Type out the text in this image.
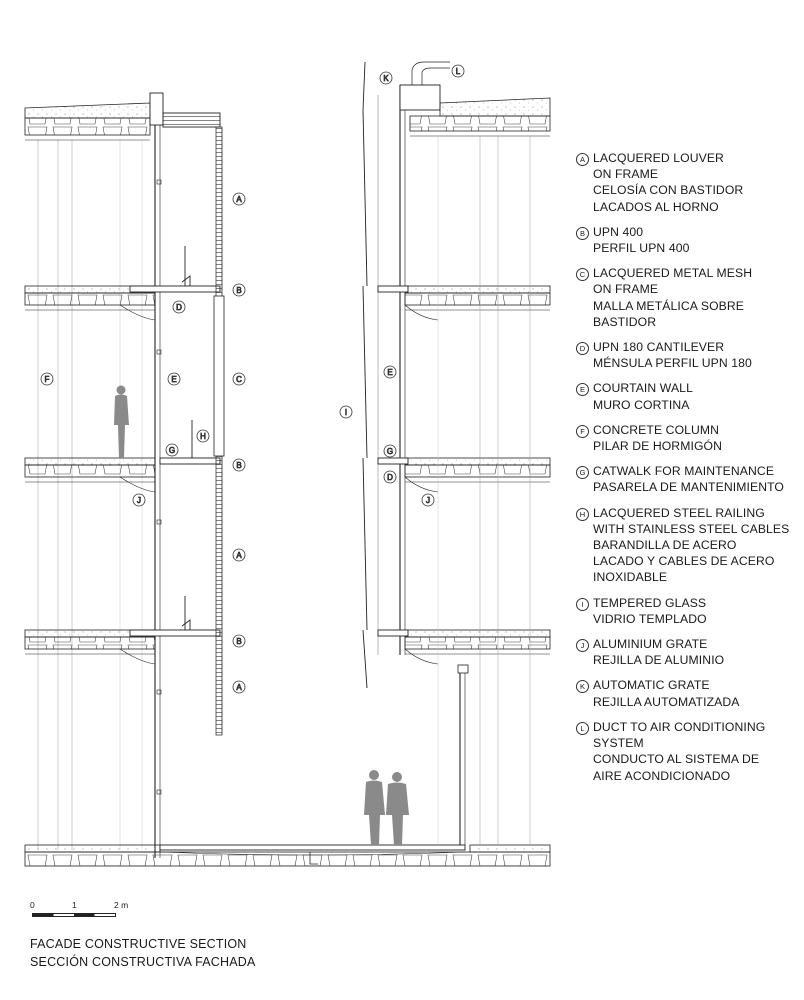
A
B
D
C
F	E
G
H
B
J
A
B
A
K
L
E
I
G
D
J
A LACQUERED LOUVER
ON FRAME
CELOSÍA CON BASTIDOR
LACADOS AL HORNO
B UPN 400
PERFIL UPN 400
C LACQUERED METAL MESH
ON FRAME
MALLA METÁLICA SOBRE
BASTIDOR
D UPN 180 CANTILEVER
MÉNSULA PERFIL UPN 180
E COURTAIN WALL
MURO CORTINA
F CONCRETE COLUMN
PILAR DE HORMIGÓN
G CATWALK FOR MAINTENANCE
PASARELA DE MANTENIMIENTO
H LACQUERED STEEL RAILING
WITH STAINLESS STEEL CABLES
BARANDILLA DE ACERO
LACADO Y CABLES DE ACERO
INOXIDABLE
I TEMPERED GLASS
VIDRIO TEMPLADO
J ALUMINIUM GRATE
REJILLA DE ALUMINIO
K AUTOMATIC GRATE
REJILLA AUTOMATIZADA
L DUCT TO AIR CONDITIONING
SYSTEM
CONDUCTO AL SISTEMA DE
AIRE ACONDICIONADO
0	1	2 m
FACADE CONSTRUCTIVE SECTION
SECCIÓN CONSTRUCTIVA FACHADA
